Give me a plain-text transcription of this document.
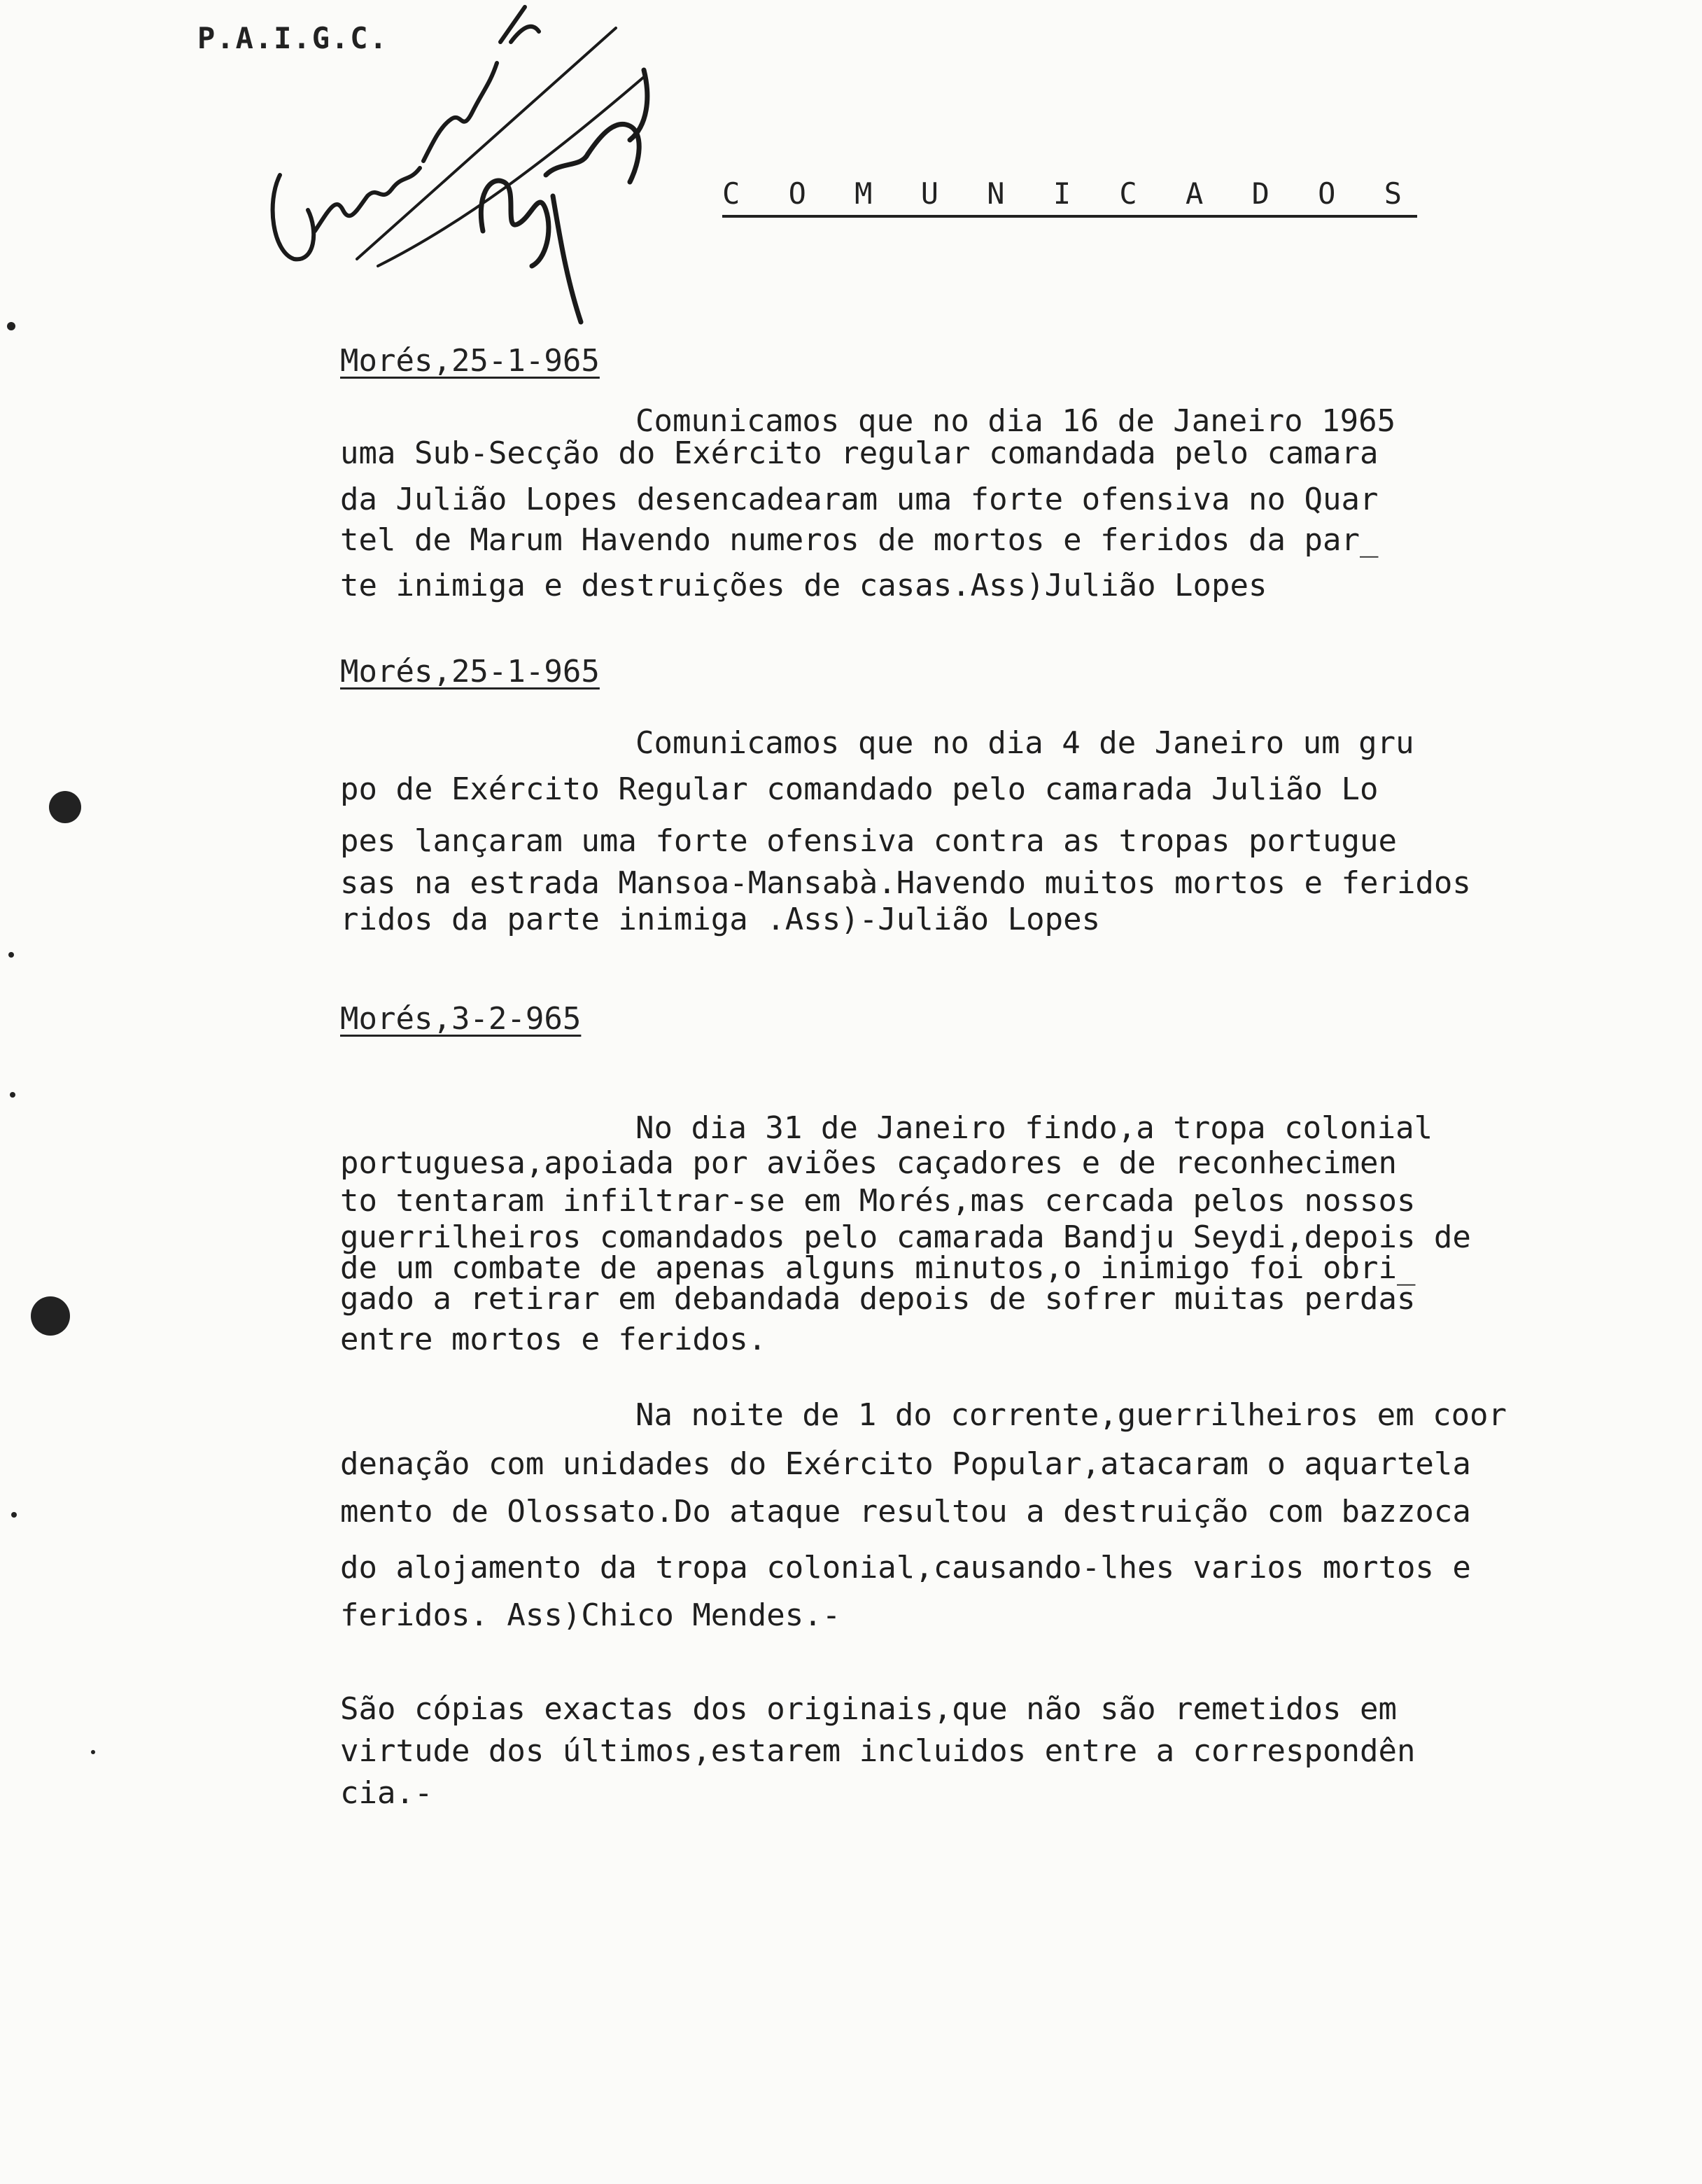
P.A.I.G.C.
C O M U N I C A D O S
Morés,25-1-965
Comunicamos que no dia 16 de Janeiro 1965
uma Sub-Secção do Exército regular comandada pelo camara
da Julião Lopes desencadearam uma forte ofensiva no Quar
tel de Marum Havendo numeros de mortos e feridos da par_
te inimiga e destruições de casas.Ass)Julião Lopes
Morés,25-1-965
Comunicamos que no dia 4 de Janeiro um gru
po de Exército Regular comandado pelo camarada Julião Lo
pes lançaram uma forte ofensiva contra as tropas portugue
sas na estrada Mansoa-Mansabà.Havendo muitos mortos e feridos
ridos da parte inimiga .Ass)-Julião Lopes
Morés,3-2-965
No dia 31 de Janeiro findo,a tropa colonial
portuguesa,apoiada por aviões caçadores e de reconhecimen
to tentaram infiltrar-se em Morés,mas cercada pelos nossos
guerrilheiros comandados pelo camarada Bandju Seydi,depois de
de um combate de apenas alguns minutos,o inimigo foi obri_
gado a retirar em debandada depois de sofrer muitas perdas
entre mortos e feridos.
Na noite de 1 do corrente,guerrilheiros em coor
denação com unidades do Exército Popular,atacaram o aquartela
mento de Olossato.Do ataque resultou a destruição com bazzoca
do alojamento da tropa colonial,causando-lhes varios mortos e
feridos. Ass)Chico Mendes.-
São cópias exactas dos originais,que não são remetidos em
virtude dos últimos,estarem incluidos entre a correspondên
cia.-
